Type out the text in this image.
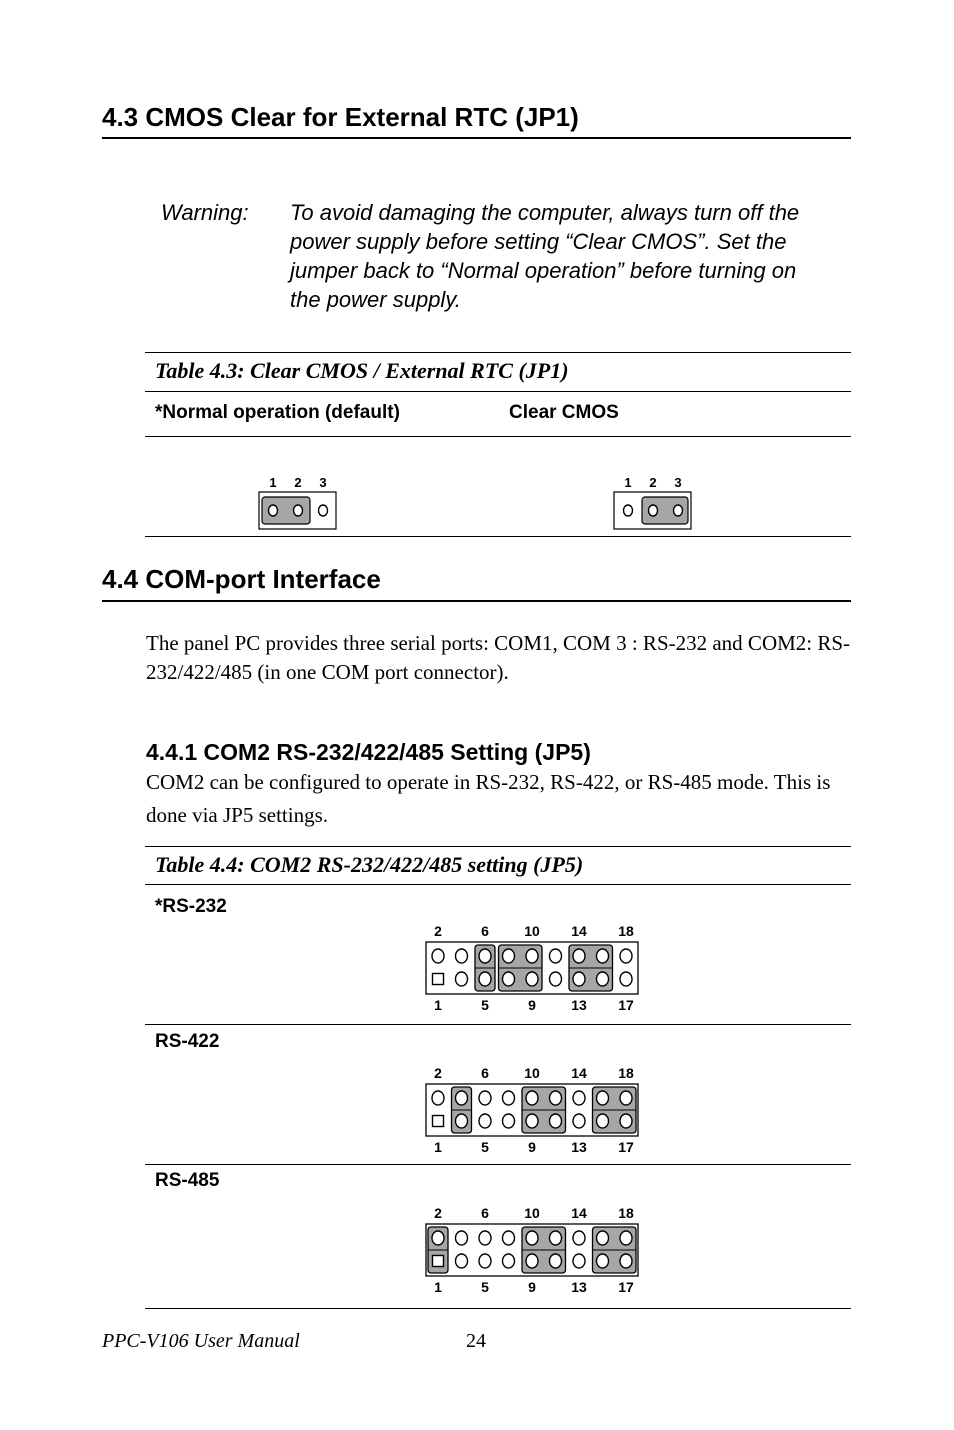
4.3 CMOS Clear for External RTC (JP1)
Warning: To avoid damaging the computer, always turn off the power supply before setting “Clear CMOS”. Set the jumper back to “Normal operation” before turning on the power supply.
Table 4.3: Clear CMOS / External RTC (JP1)
*Normal operation (default)	Clear CMOS
1 2 3	1 2 3
4.4 COM-port Interface
The panel PC provides three serial ports: COM1, COM 3 : RS-232 and COM2: RS-232/422/485 (in one COM port connector).
4.4.1 COM2 RS-232/422/485 Setting (JP5)
COM2 can be configured to operate in RS-232, RS-422, or RS-485 mode. This is done via JP5 settings.
Table 4.4: COM2 RS-232/422/485 setting (JP5)
*RS-232
2
1
6
5
10
9
14
13
18
17
RS-422
2
1
6
5
10
9
14
13
18
17
RS-485
2
1
6
5
10
9
14
13
18
17
PPC-V106 User Manual	24
